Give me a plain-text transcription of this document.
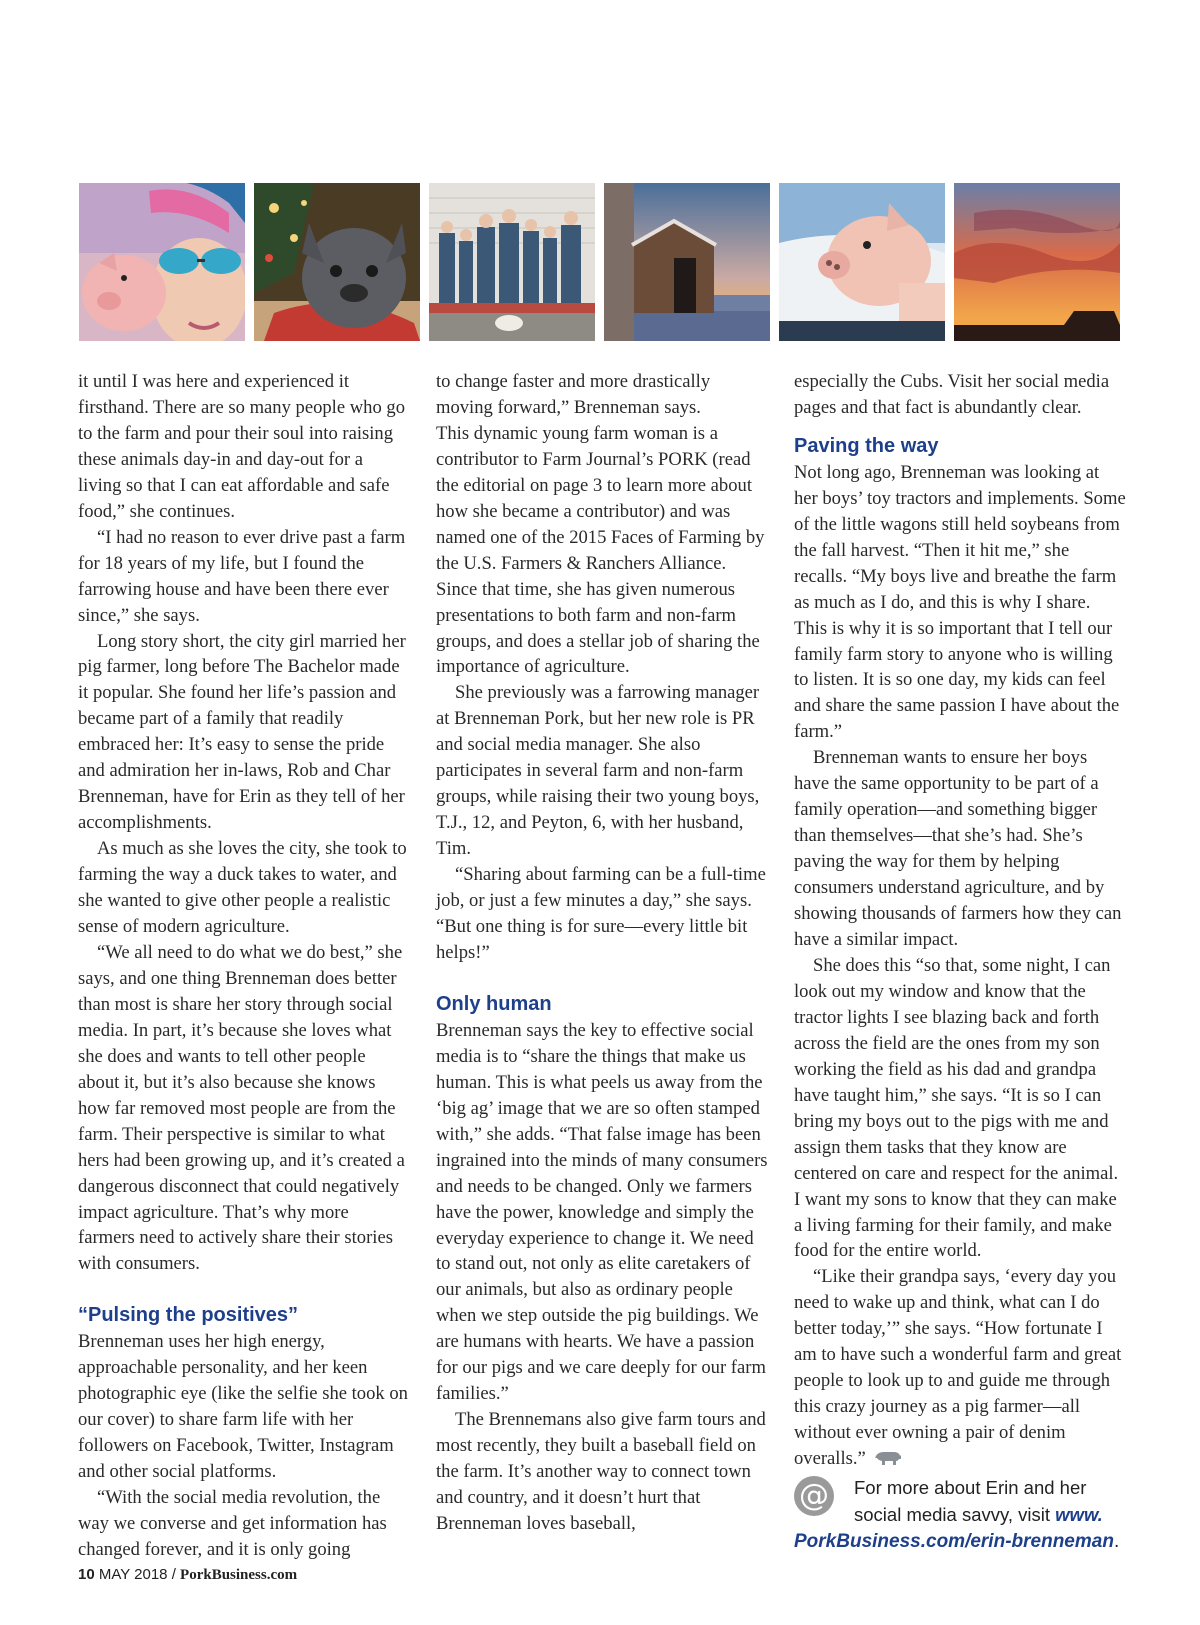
it until I was here and experienced it firsthand. There are so many people who go to the farm and pour their soul into raising these animals day-in and day-out for a living so that I can eat affordable and safe food,” she continues.

“I had no reason to ever drive past a farm for 18 years of my life, but I found the farrowing house and have been there ever since,” she says.

Long story short, the city girl married her pig farmer, long before The Bachelor made it popular. She found her life’s passion and became part of a family that readily embraced her: It’s easy to sense the pride and admiration her in-laws, Rob and Char Brenneman, have for Erin as they tell of her accomplishments.

As much as she loves the city, she took to farming the way a duck takes to water, and she wanted to give other people a realistic sense of modern agriculture.

“We all need to do what we do best,” she says, and one thing Brenneman does better than most is share her story through social media. In part, it’s because she loves what she does and wants to tell other people about it, but it’s also because she knows how far removed most people are from the farm. Their perspective is similar to what hers had been growing up, and it’s created a dangerous disconnect that could negatively impact agriculture. That’s why more farmers need to actively share their stories with consumers.

“Pulsing the positives”

Brenneman uses her high energy, approachable personality, and her keen photographic eye (like the selfie she took on our cover) to share farm life with her followers on Facebook, Twitter, Instagram and other social platforms.

“With the social media revolution, the way we converse and get information has changed forever, and it is only going

to change faster and more drastically moving forward,” Brenneman says.

This dynamic young farm woman is a contributor to Farm Journal’s PORK (read the editorial on page 3 to learn more about how she became a contributor) and was named one of the 2015 Faces of Farming by the U.S. Farmers & Ranchers Alliance. Since that time, she has given numerous presentations to both farm and non-farm groups, and does a stellar job of sharing the importance of agriculture.

She previously was a farrowing manager at Brenneman Pork, but her new role is PR and social media manager. She also participates in several farm and non-farm groups, while raising their two young boys, T.J., 12, and Peyton, 6, with her husband, Tim.

“Sharing about farming can be a full-time job, or just a few minutes a day,” she says. “But one thing is for sure—every little bit helps!”

Only human

Brenneman says the key to effective social media is to “share the things that make us human. This is what peels us away from the ‘big ag’ image that we are so often stamped with,” she adds. “That false image has been ingrained into the minds of many consumers and needs to be changed. Only we farmers have the power, knowledge and simply the everyday experience to change it. We need to stand out, not only as elite caretakers of our animals, but also as ordinary people when we step outside the pig buildings. We are humans with hearts. We have a passion for our pigs and we care deeply for our farm families.”

The Brennemans also give farm tours and most recently, they built a baseball field on the farm. It’s another way to connect town and country, and it doesn’t hurt that Brenneman loves baseball,

especially the Cubs. Visit her social media pages and that fact is abundantly clear.

Paving the way

Not long ago, Brenneman was looking at her boys’ toy tractors and implements. Some of the little wagons still held soybeans from the fall harvest. “Then it hit me,” she recalls. “My boys live and breathe the farm as much as I do, and this is why I share. This is why it is so important that I tell our family farm story to anyone who is willing to listen. It is so one day, my kids can feel and share the same passion I have about the farm.”

Brenneman wants to ensure her boys have the same opportunity to be part of a family operation—and something bigger than themselves—that she’s had. She’s paving the way for them by helping consumers understand agriculture, and by showing thousands of farmers how they can have a similar impact.

She does this “so that, some night, I can look out my window and know that the tractor lights I see blazing back and forth across the field are the ones from my son working the field as his dad and grandpa have taught him,” she says. “It is so I can bring my boys out to the pigs with me and assign them tasks that they know are centered on care and respect for the animal. I want my sons to know that they can make a living farming for their family, and make food for the entire world.

“Like their grandpa says, ‘every day you need to wake up and think, what can I do better today,’” she says. “How fortunate I am to have such a wonderful farm and great people to look up to and guide me through this crazy journey as a pig farmer—all without ever owning a pair of denim overalls.”

@ For more about Erin and her social media savvy, visit www.
PorkBusiness.com/erin-brenneman.
10 MAY 2018 / PorkBusiness.com
